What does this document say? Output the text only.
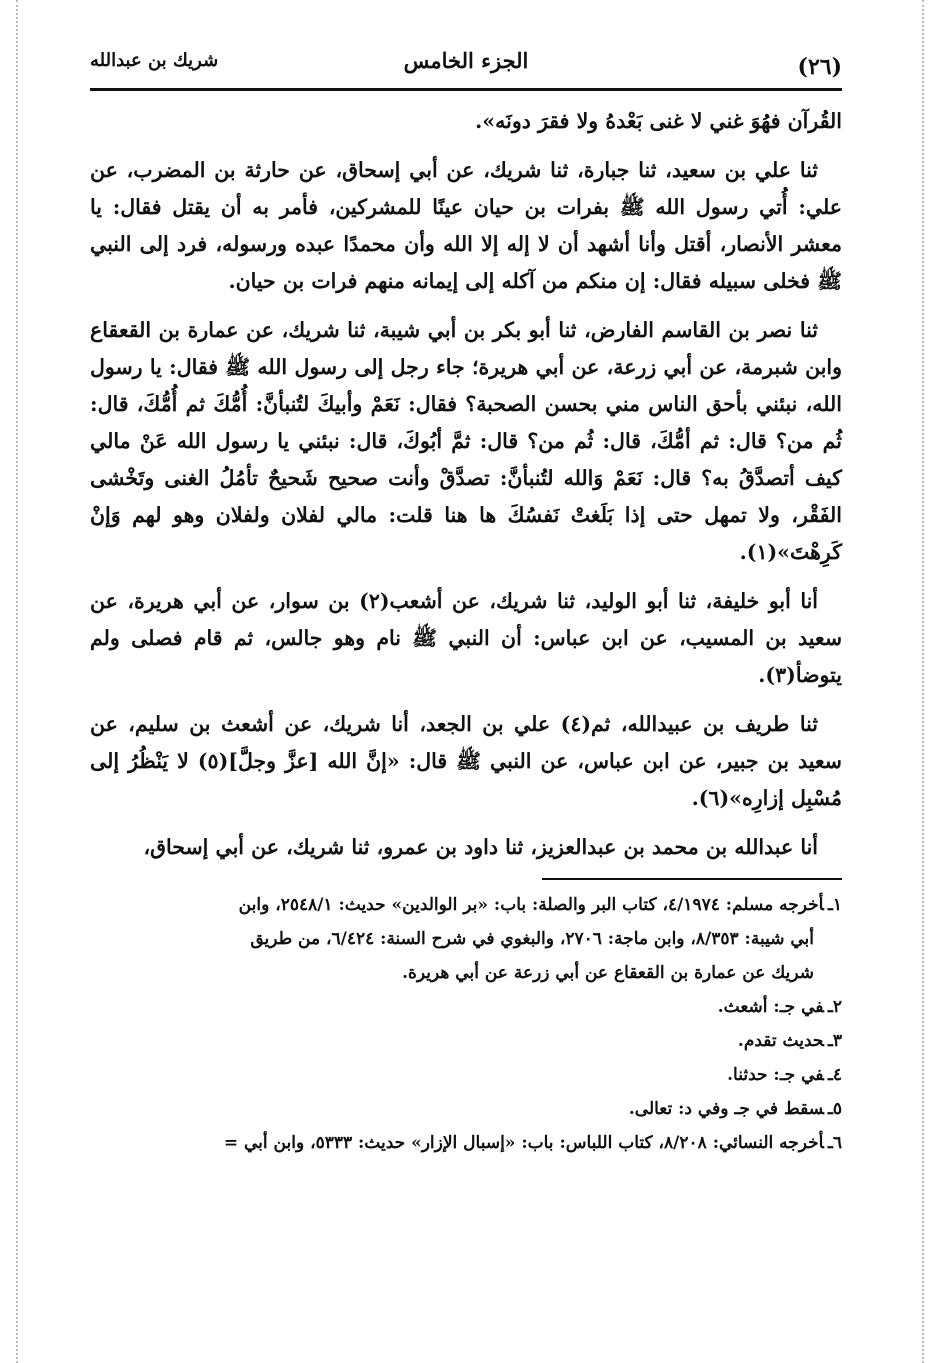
(٢٦)
الجزء الخامس
شريك بن عبدالله

القُرآن فهُوَ غني لا غنى بَعْدهُ ولا فقرَ دونَه».

ثنا علي بن سعيد، ثنا جبارة، ثنا شريك، عن أبي إسحاق، عن حارثة بن المضرب، عن علي: أُتي رسول الله ﷺ بفرات بن حيان عينًا للمشركين، فأمر به أن يقتل فقال: يا معشر الأنصار، أقتل وأنا أشهد أن لا إله إلا الله وأن محمدًا عبده ورسوله، فرد إلى النبي ﷺ فخلى سبيله فقال: إن منكم من آكله إلى إيمانه منهم فرات بن حيان.

ثنا نصر بن القاسم الفارض، ثنا أبو بكر بن أبي شيبة، ثنا شريك، عن عمارة بن القعقاع وابن شبرمة، عن أبي زرعة، عن أبي هريرة؛ جاء رجل إلى رسول الله ﷺ فقال: يا رسول الله، نبئني بأحق الناس مني بحسن الصحبة؟ فقال: نَعَمْ وأبيكَ لتُنبأنَّ: أُمُّكَ ثم أُمُّكَ، قال: ثُم من؟ قال: ثم أمُّكَ، قال: ثُم من؟ قال: ثمَّ أبُوكَ، قال: نبئني يا رسول الله عَنْ مالي كيف أتصدَّقُ به؟ قال: نَعَمْ وَالله لتُنبأنَّ: تصدَّقْ وأنت صحيح شَحيحٌ تأمُلُ الغنى وتَخْشى الفَقْر، ولا تمهل حتى إذا بَلَغتْ نَفسُكَ ها هنا قلت: مالي لفلان ولفلان وهو لهم وَإنْ كَرِهْتَ»(١).

أنا أبو خليفة، ثنا أبو الوليد، ثنا شريك، عن أشعب(٢) بن سوار، عن أبي هريرة، عن سعيد بن المسيب، عن ابن عباس: أن النبي ﷺ نام وهو جالس، ثم قام فصلى ولم يتوضأ(٣).

ثنا طريف بن عبيدالله، ثم(٤) علي بن الجعد، أنا شريك، عن أشعث بن سليم، عن سعيد بن جبير، عن ابن عباس، عن النبي ﷺ قال: «إنَّ الله [عزَّ وجلَّ](٥) لا يَنْظُرُ إلى مُسْبِل إزارِه»(٦).

أنا عبدالله بن محمد بن عبدالعزيز، ثنا داود بن عمرو، ثنا شريك، عن أبي إسحاق،

١ـأخرجه مسلم: ٤/١٩٧٤، كتاب البر والصلة: باب: «بر الوالدين» حديث: ٢٥٤٨/١، وابن

أبي شيبة: ٨/٣٥٣، وابن ماجة: ٢٧٠٦، والبغوي في شرح السنة: ٦/٤٢٤، من طريق

شريك عن عمارة بن القعقاع عن أبي زرعة عن أبي هريرة.

٢ـفي جـ: أشعث.

٣ـحديث تقدم.

٤ـفي جـ: حدثنا.

٥ـسقط في جـ وفي د: تعالى.

٦ـأخرجه النسائي: ٨/٢٠٨، كتاب اللباس: باب: «إسبال الإزار» حديث: ٥٣٣٣، وابن أبي =
